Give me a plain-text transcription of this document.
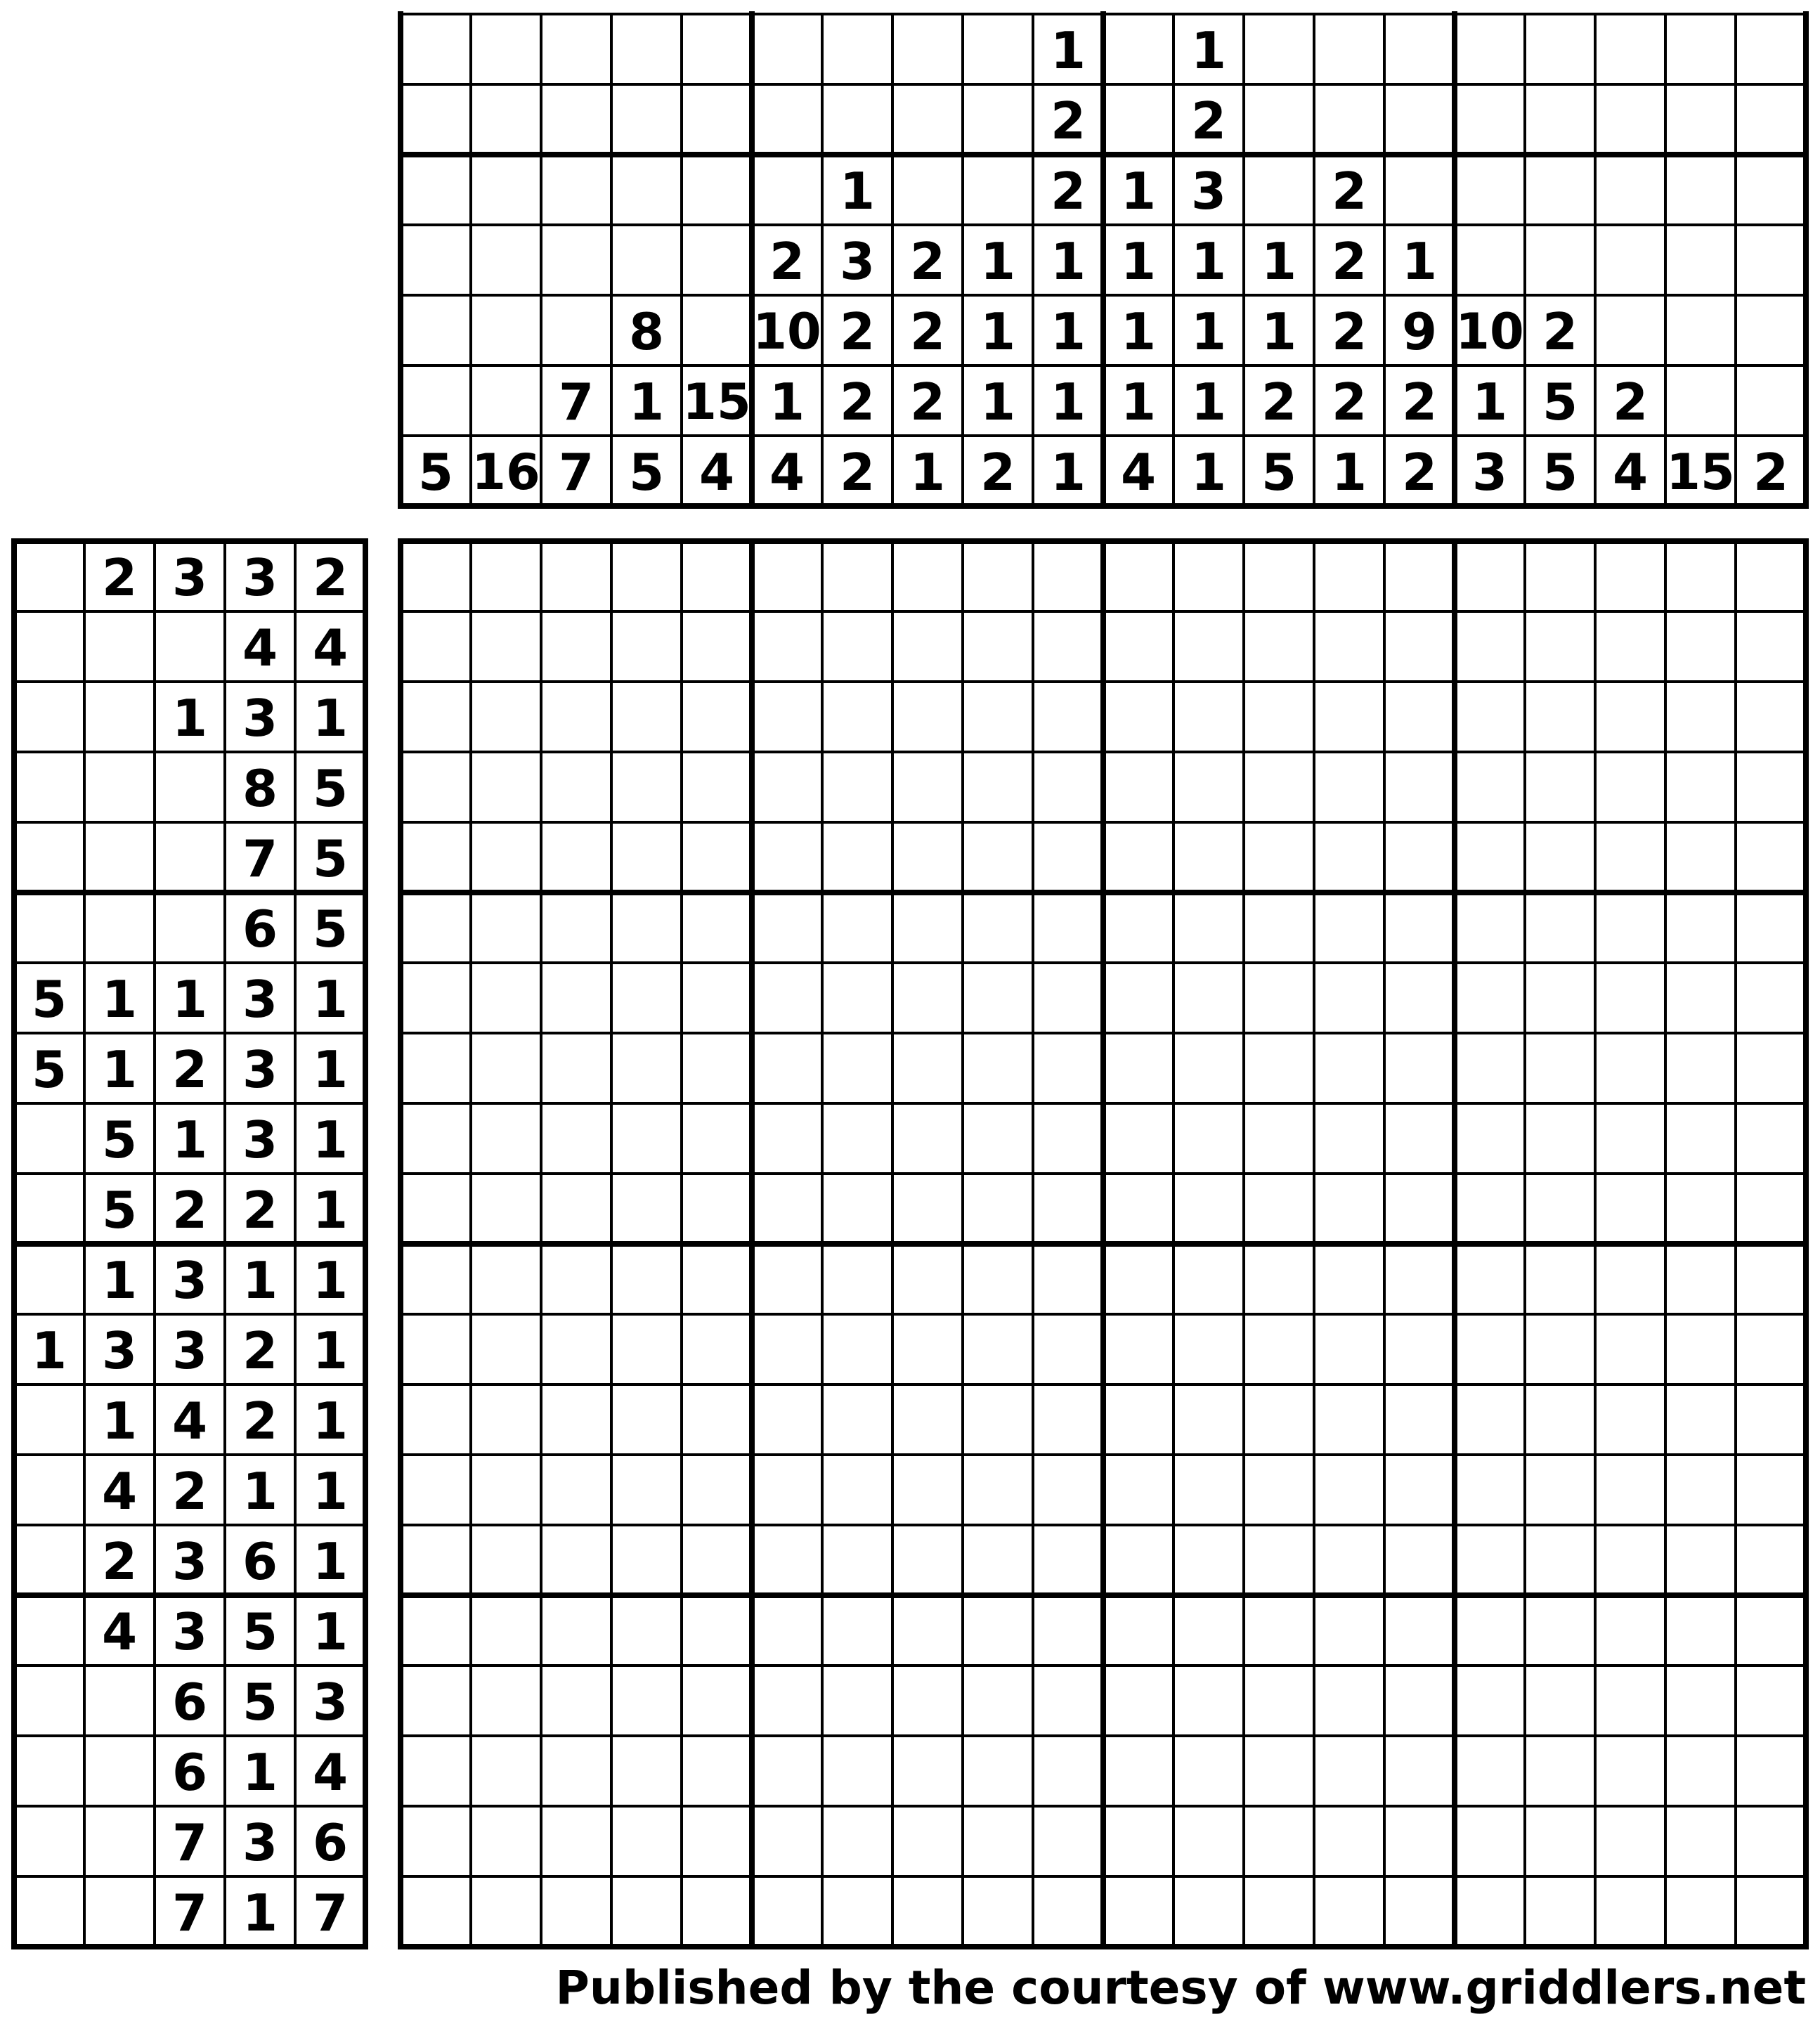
5 16
7
7
8
1
5
15
4
2
10
1
4
1
3
2
2
2
2
2
2
1
1
1
1
2
1
2
2
1
1
1
1
1
1
1
1
4
1
2
3
1
1
1
1
1
1
2
5
2
2
2
2
1
1
9
2
2
10
1
3
2
5
5
2
4 15 2
2 3 3 2
4 4
1 3 1
8 5
7 5
6 5
5 1 1 3 1
5 1 2 3 1
5 1 3 1
5 2 2 1
1 3 1 1
1 3 3 2 1
1 4 2 1
4 2 1 1
2 3 6 1
4 3 5 1
6 5 3
6 1 4
7 3 6
7 1 7
Published by the courtesy of www.griddlers.net
